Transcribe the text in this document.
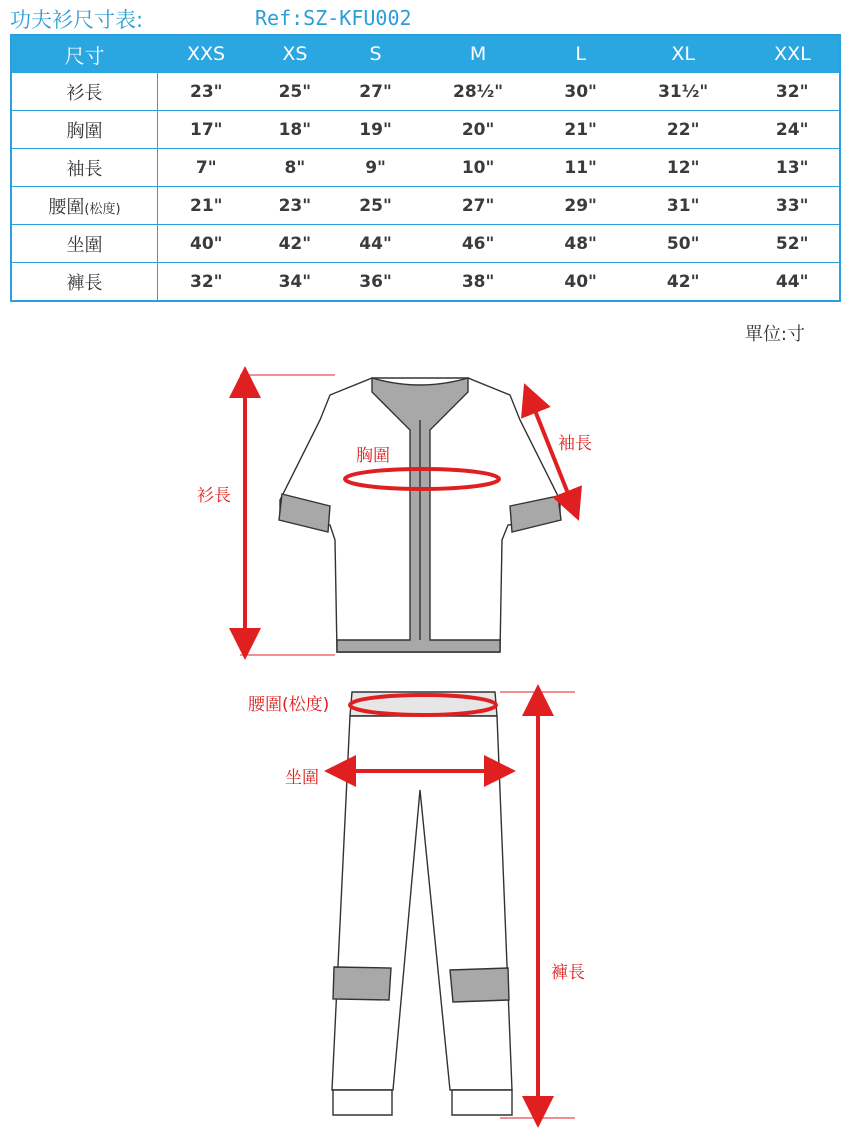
功夫衫尺寸表:	Ref:SZ-KFU002
尺寸	XXS	XS	S	M	L	XL	XXL
衫長	23"	25"	27"	28½"	30"	31½"	32"
胸圍	17"	18"	19"	20"	21"	22"	24"
袖長	7"	8"	9"	10"	11"	12"	13"
腰圍(松度)	21"	23"	25"	27"	29"	31"	33"
坐圍	40"	42"	44"	46"	48"	50"	52"
褲長	32"	34"	36"	38"	40"	42"	44"
單位:寸
衫長
胸圍
袖長
腰圍(松度)
坐圍
褲長
